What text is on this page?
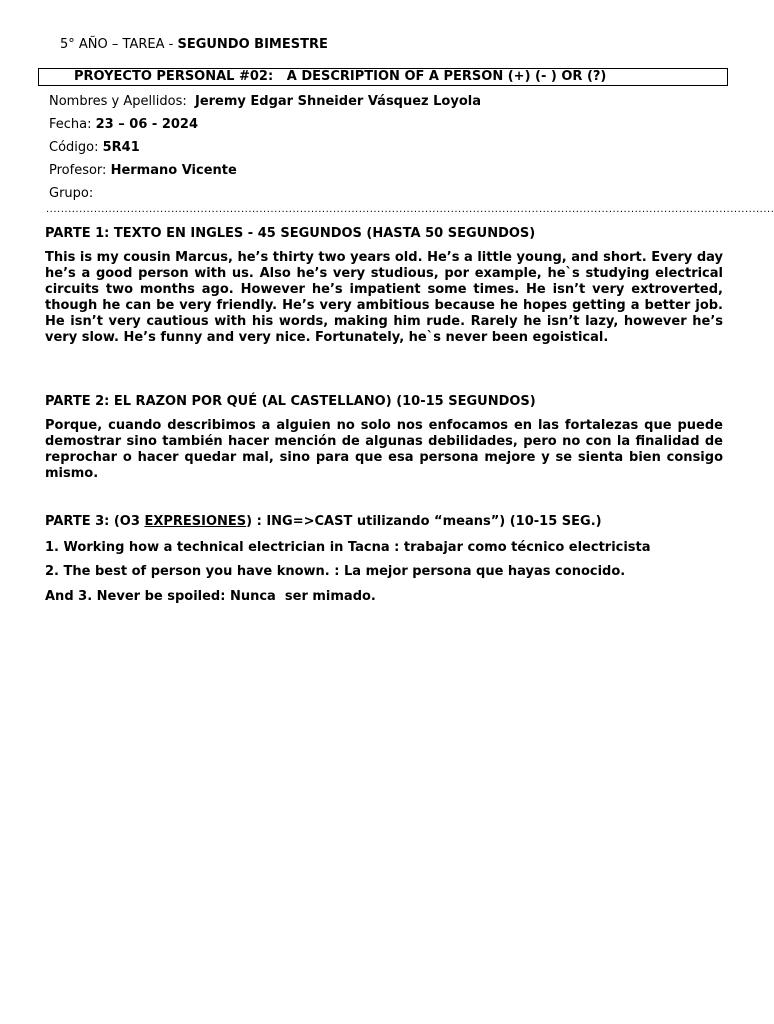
5° AÑO – TAREA - SEGUNDO BIMESTRE
PROYECTO PERSONAL #02:   A DESCRIPTION OF A PERSON (+) (- ) OR (?)
Nombres y Apellidos:  Jeremy Edgar Shneider Vásquez Loyola
Fecha: 23 – 06 - 2024
Código: 5R41
Profesor: Hermano Vicente
Grupo:
......................................................................................................................................................................................................
PARTE 1: TEXTO EN INGLES - 45 SEGUNDOS (HASTA 50 SEGUNDOS)
This is my cousin Marcus, he’s thirty two years old. He’s a little young, and short. Every day he’s a good person with us. Also he’s very studious, por example, he`s studying electrical circuits two months ago. However he’s impatient some times. He isn’t very extroverted, though he can be very friendly. He’s very ambitious because he hopes getting a better job. He isn’t very cautious with his words, making him rude. Rarely he isn’t lazy, however he’s very slow. He’s funny and very nice. Fortunately, he`s never been egoistical.
PARTE 2: EL RAZON POR QUÉ (AL CASTELLANO) (10-15 SEGUNDOS)
Porque, cuando describimos a alguien no solo nos enfocamos en las fortalezas que puede demostrar sino también hacer mención de algunas debilidades, pero no con la finalidad de reprochar o hacer quedar mal, sino para que esa persona mejore y se sienta bien consigo mismo.
PARTE 3: (O3 EXPRESIONES) : ING=>CAST utilizando “means”) (10-15 SEG.)
1. Working how a technical electrician in Tacna : trabajar como técnico electricista
2. The best of person you have known. : La mejor persona que hayas conocido.
And 3. Never be spoiled: Nunca  ser mimado.
